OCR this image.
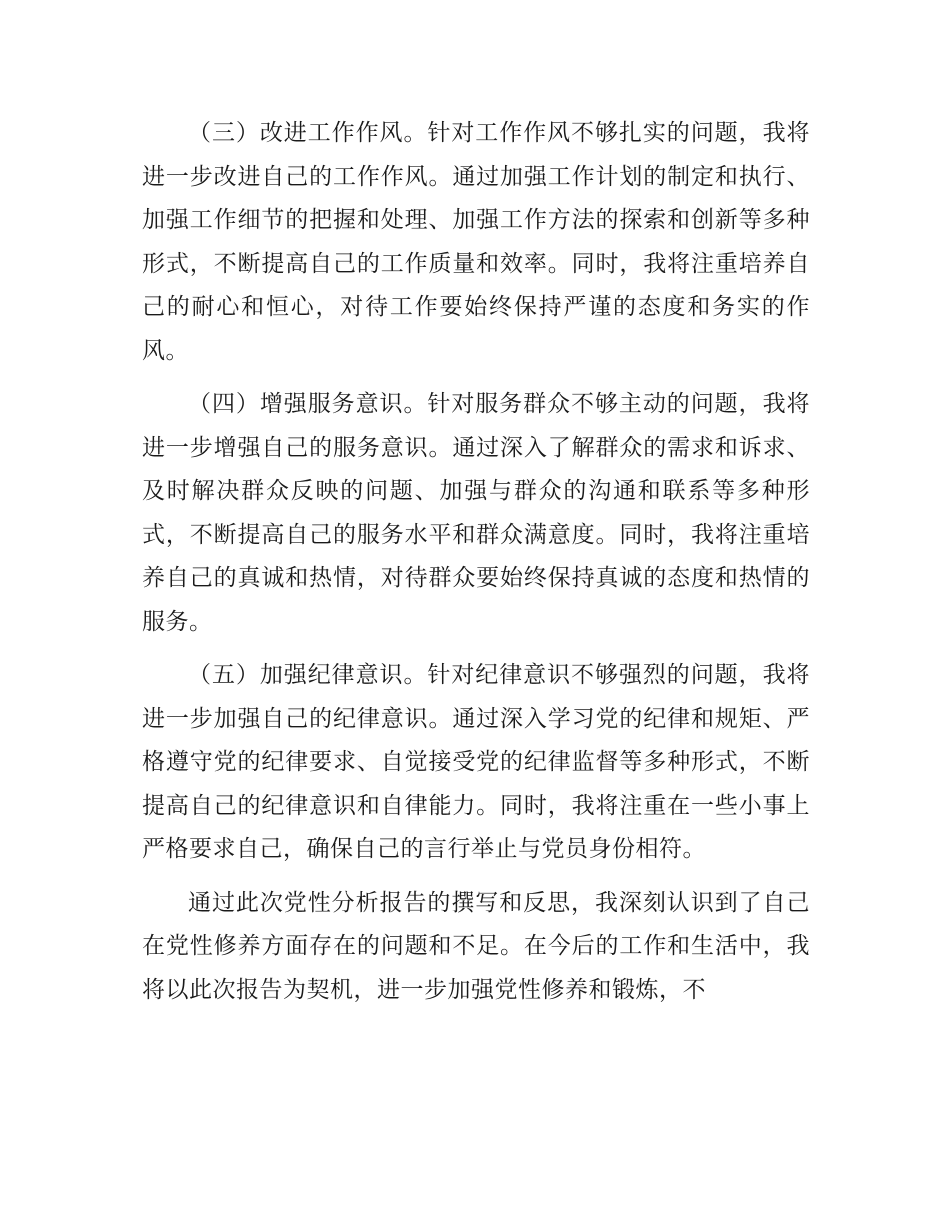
（三）改进工作作风。针对工作作风不够扎实的问题，我将进一步改进自己的工作作风。通过加强工作计划的制定和执行、加强工作细节的把握和处理、加强工作方法的探索和创新等多种形式，不断提高自己的工作质量和效率。同时，我将注重培养自己的耐心和恒心，对待工作要始终保持严谨的态度和务实的作风。

（四）增强服务意识。针对服务群众不够主动的问题，我将进一步增强自己的服务意识。通过深入了解群众的需求和诉求、及时解决群众反映的问题、加强与群众的沟通和联系等多种形式，不断提高自己的服务水平和群众满意度。同时，我将注重培养自己的真诚和热情，对待群众要始终保持真诚的态度和热情的服务。

（五）加强纪律意识。针对纪律意识不够强烈的问题，我将进一步加强自己的纪律意识。通过深入学习党的纪律和规矩、严格遵守党的纪律要求、自觉接受党的纪律监督等多种形式，不断提高自己的纪律意识和自律能力。同时，我将注重在一些小事上严格要求自己，确保自己的言行举止与党员身份相符。

通过此次党性分析报告的撰写和反思，我深刻认识到了自己在党性修养方面存在的问题和不足。在今后的工作和生活中，我将以此次报告为契机，进一步加强党性修养和锻炼，不
